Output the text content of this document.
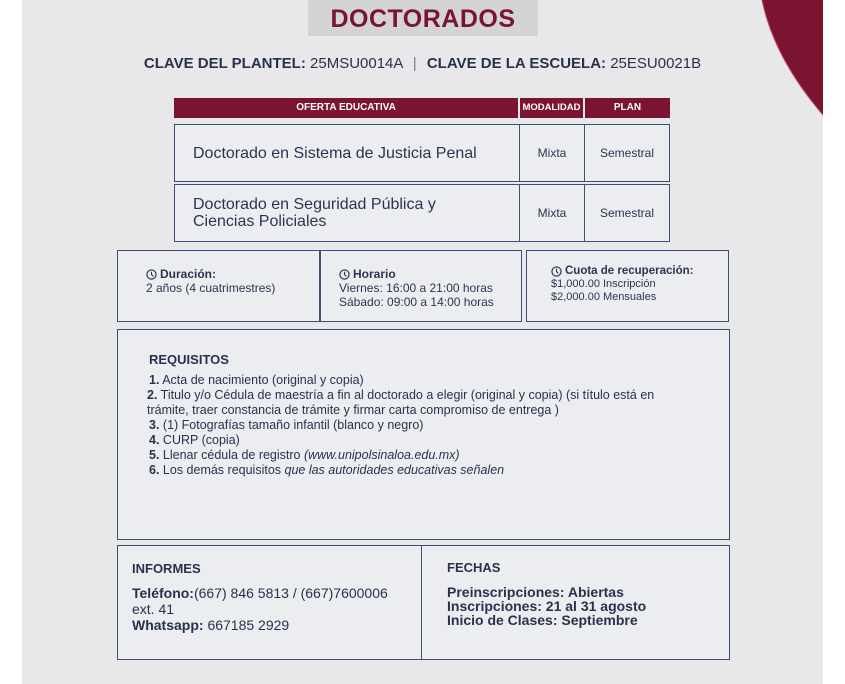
DOCTORADOS
CLAVE DEL PLANTEL: 25MSU0014A | CLAVE DE LA ESCUELA: 25ESU0021B
OFERTA EDUCATIVA	MODALIDAD	PLAN
Doctorado en Sistema de Justicia Penal	Mixta	Semestral
Doctorado en Seguridad Pública y Ciencias Policiales	Mixta	Semestral
Duración:
2 años (4 cuatrimestres)
Horario
Viernes: 16:00 a 21:00 horas
Sábado: 09:00 a 14:00 horas
Cuota de recuperación:
$1,000.00 Inscripción
$2,000.00 Mensuales
REQUISITOS
1. Acta de nacimiento (original y copia)
2. Titulo y/o Cédula de maestría a fin al doctorado a elegir (original y copia) (si título está en trámite, traer constancia de trámite y firmar carta compromiso de entrega )
3. (1) Fotografías tamaño infantil (blanco y negro)
4. CURP (copia)
5. Llenar cédula de registro (www.unipolsinaloa.edu.mx)
6. Los demás requisitos que las autoridades educativas señalen
INFORMES
Teléfono:(667) 846 5813 / (667)7600006
ext. 41
Whatsapp: 667185 2929
FECHAS
Preinscripciones: Abiertas
Inscripciones: 21 al 31 agosto
Inicio de Clases: Septiembre
